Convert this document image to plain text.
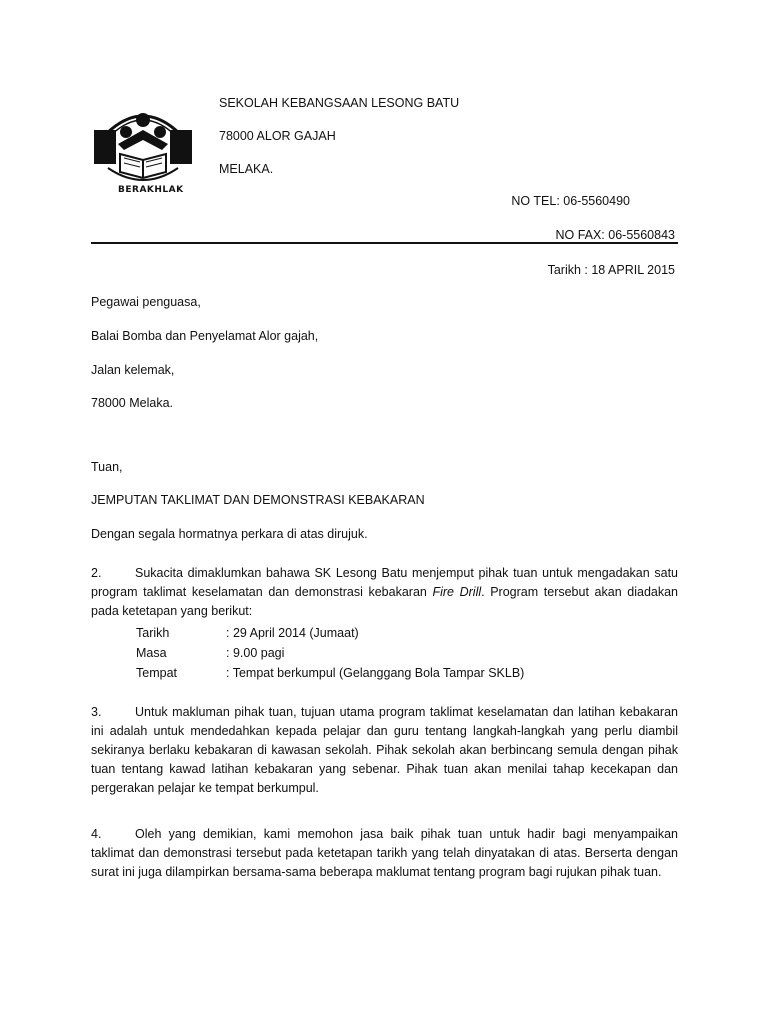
BERAKHLAK
SEKOLAH KEBANGSAAN LESONG BATU
78000 ALOR GAJAH
MELAKA.
NO TEL: 06-5560490
NO FAX: 06-5560843
Tarikh : 18 APRIL 2015
Pegawai penguasa,
Balai Bomba dan Penyelamat Alor gajah,
Jalan kelemak,
78000 Melaka.
Tuan,
JEMPUTAN TAKLIMAT DAN DEMONSTRASI KEBAKARAN
Dengan segala hormatnya perkara di atas dirujuk.
2.	Sukacita dimaklumkan bahawa SK Lesong Batu menjemput pihak tuan untuk mengadakan satu program taklimat keselamatan dan demonstrasi kebakaran Fire Drill. Program tersebut akan diadakan pada ketetapan yang berikut:
Tarikh	: 29 April 2014 (Jumaat)
Masa	: 9.00 pagi
Tempat	: Tempat berkumpul (Gelanggang Bola Tampar SKLB)
3.	Untuk makluman pihak tuan, tujuan utama program taklimat keselamatan dan latihan kebakaran ini adalah untuk mendedahkan kepada pelajar dan guru tentang langkah-langkah yang perlu diambil sekiranya berlaku kebakaran di kawasan sekolah. Pihak sekolah akan berbincang semula dengan pihak tuan tentang kawad latihan kebakaran yang sebenar. Pihak tuan akan menilai tahap kecekapan dan pergerakan pelajar ke tempat berkumpul.
4.	Oleh yang demikian, kami memohon jasa baik pihak tuan untuk hadir bagi menyampaikan taklimat dan demonstrasi tersebut pada ketetapan tarikh yang telah dinyatakan di atas. Berserta dengan surat ini juga dilampirkan bersama-sama beberapa maklumat tentang program bagi rujukan pihak tuan.
